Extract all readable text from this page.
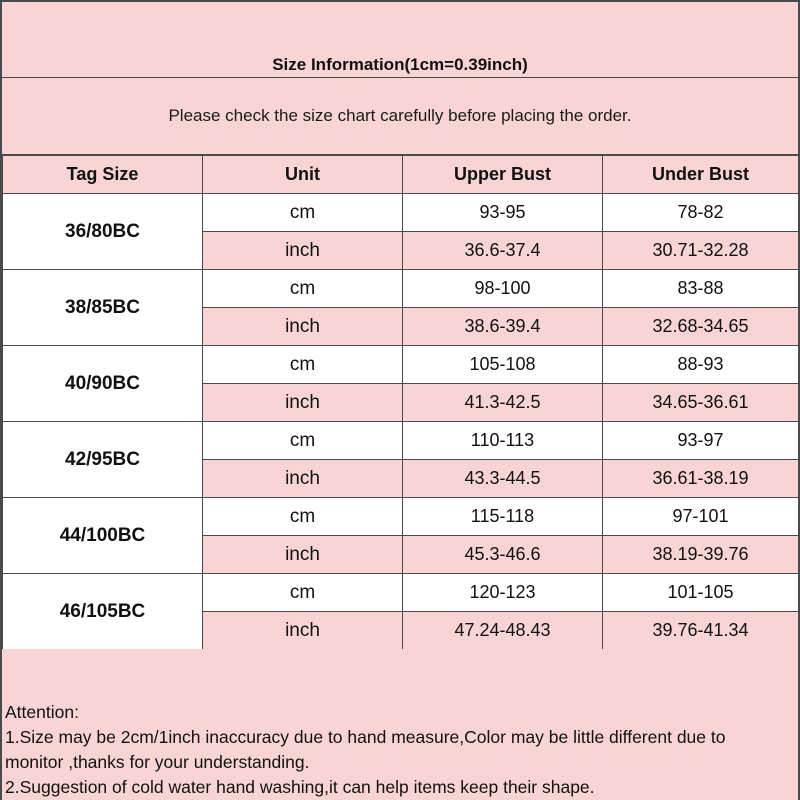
Size Information(1cm=0.39inch)
Please check the size chart carefully before placing the order.
Tag Size	Unit	Upper Bust	Under Bust
36/80BC	cm	93-95	78-82
	inch	36.6-37.4	30.71-32.28
38/85BC	cm	98-100	83-88
	inch	38.6-39.4	32.68-34.65
40/90BC	cm	105-108	88-93
	inch	41.3-42.5	34.65-36.61
42/95BC	cm	110-113	93-97
	inch	43.3-44.5	36.61-38.19
44/100BC	cm	115-118	97-101
	inch	45.3-46.6	38.19-39.76
46/105BC	cm	120-123	101-105
	inch	47.24-48.43	39.76-41.34
Attention:
1.Size may be 2cm/1inch inaccuracy due to hand measure,Color may be little different due to
monitor ,thanks for your understanding.
2.Suggestion of cold water hand washing,it can help items keep their shape.
